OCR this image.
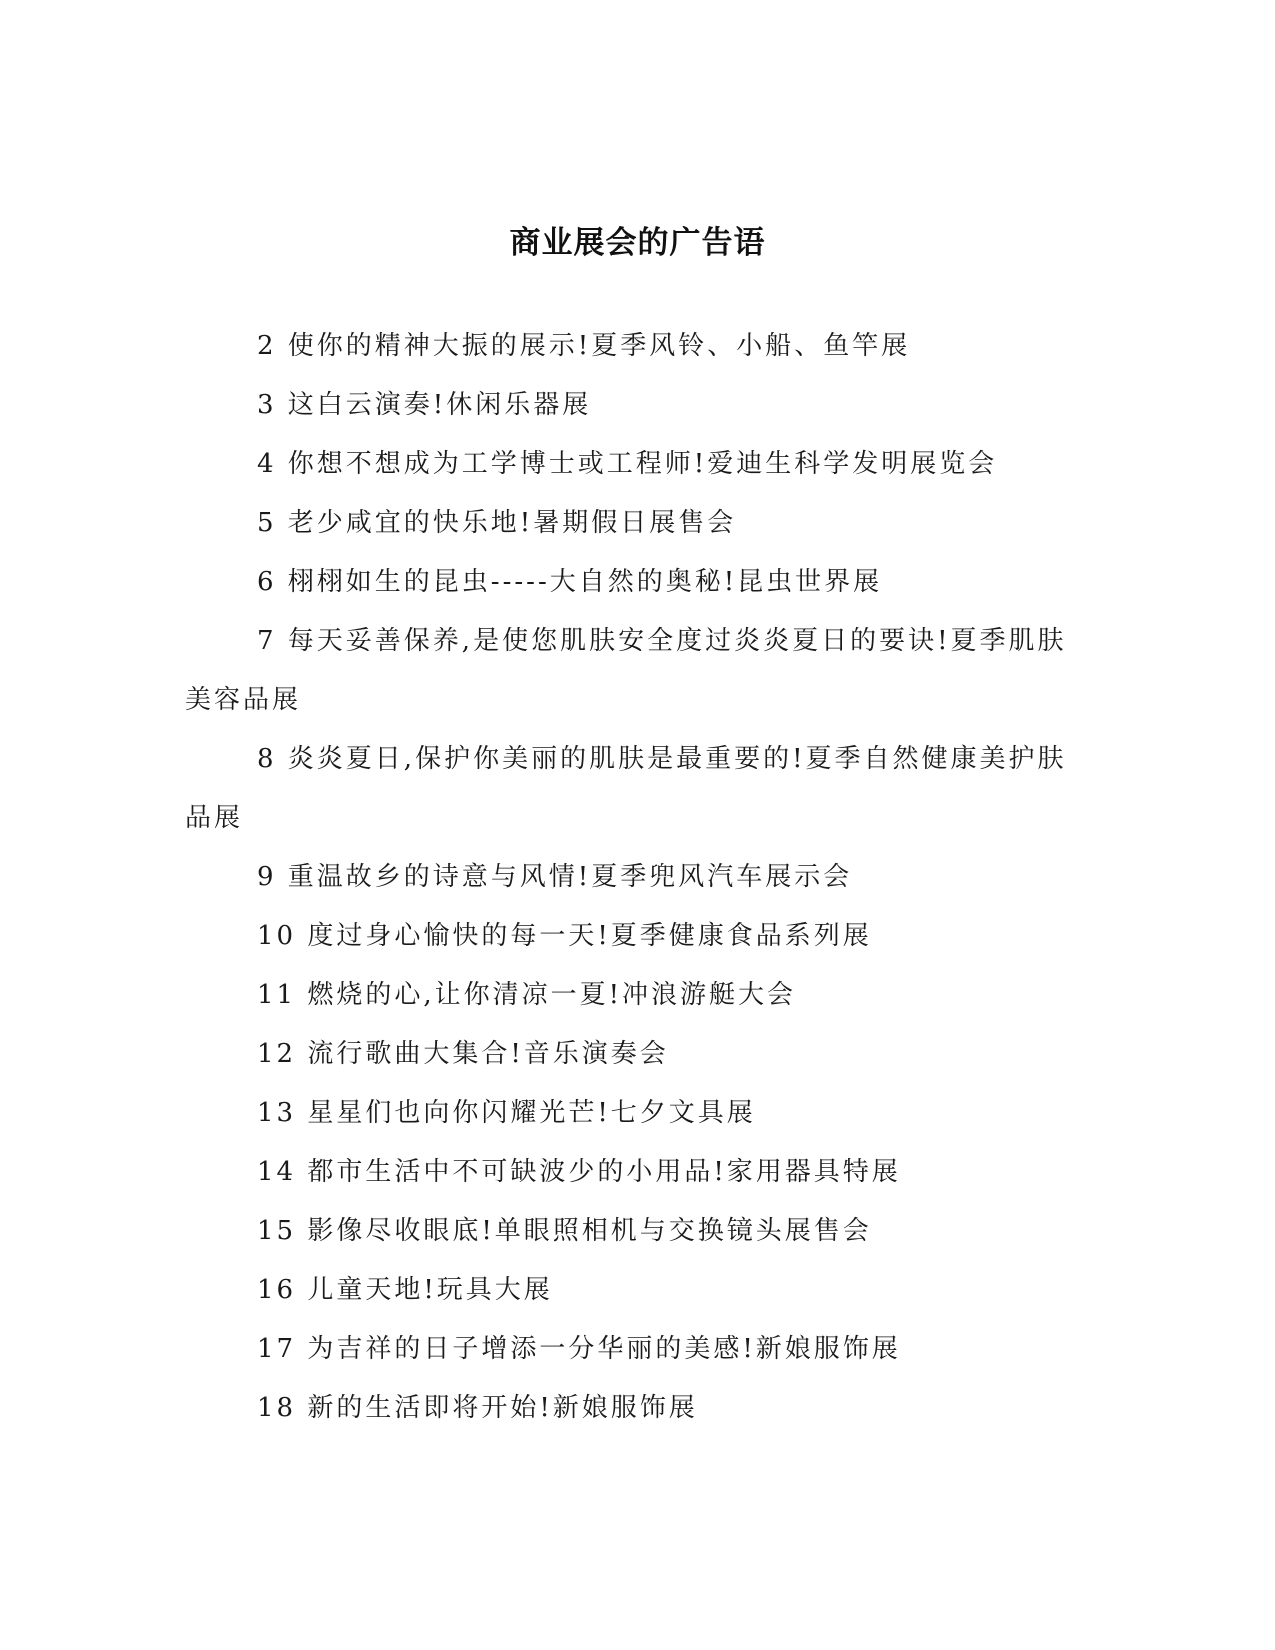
商业展会的广告语

2 使你的精神大振的展示!夏季风铃、小船、鱼竿展

3 这白云演奏!休闲乐器展

4 你想不想成为工学博士或工程师!爱迪生科学发明展览会

5 老少咸宜的快乐地!暑期假日展售会

6 栩栩如生的昆虫-----大自然的奥秘!昆虫世界展

7 每天妥善保养,是使您肌肤安全度过炎炎夏日的要诀!夏季肌肤美容品展

8 炎炎夏日,保护你美丽的肌肤是最重要的!夏季自然健康美护肤品展

9 重温故乡的诗意与风情!夏季兜风汽车展示会

10 度过身心愉快的每一天!夏季健康食品系列展

11 燃烧的心,让你清凉一夏!冲浪游艇大会

12 流行歌曲大集合!音乐演奏会

13 星星们也向你闪耀光芒!七夕文具展

14 都市生活中不可缺波少的小用品!家用器具特展

15 影像尽收眼底!单眼照相机与交换镜头展售会

16 儿童天地!玩具大展

17 为吉祥的日子增添一分华丽的美感!新娘服饰展

18 新的生活即将开始!新娘服饰展
